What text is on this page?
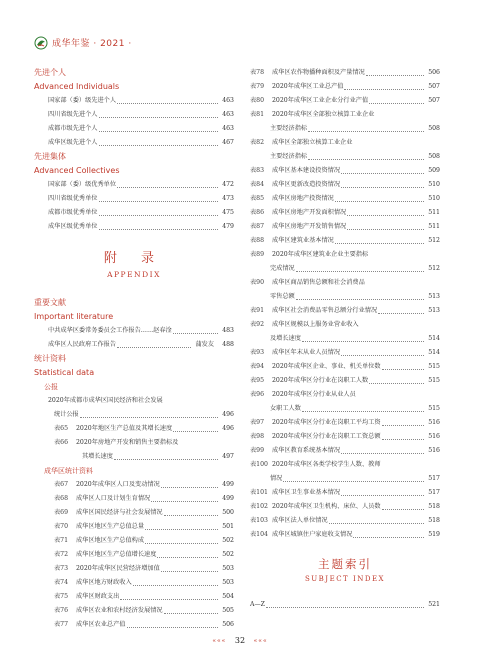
成华年鉴 · 2021 ·
先进个人
Advanced Individuals
国家部（委）级先进个人	463
四川省级先进个人	463
成都市级先进个人	463
成华区级先进个人	467
先进集体
Advanced Collectives
国家部（委）级优秀单位	472
四川省级优秀单位	473
成都市级优秀单位	475
成华区级优秀单位	479
附 录
APPENDIX
重要文献
Important literature
中共成华区委常务委员会工作报告……赵春淦	483
成华区人民政府工作报告	蒲发友 488
统计资料
Statistical data
公报
2020年成都市成华区国民经济和社会发展
统计公报	496
表65 2020年地区生产总值及其增长速度	496
表66 2020年房地产开发和销售主要指标及
其增长速度	497
成华区统计资料
表67 2020年成华区人口及变动情况	499
表68 成华区人口及计划生育情况	499
表69 成华区国民经济与社会发展情况	500
表70 成华区地区生产总值总量	501
表71 成华区地区生产总值构成	502
表72 成华区地区生产总值增长速度	502
表73 2020年成华区民营经济增加值	503
表74 成华区地方财政收入	503
表75 成华区财政支出	504
表76 成华区农业和农村经济发展情况	505
表77 成华区农业总产值	506
表78 成华区农作物播种面积及产量情况	506
表79 2020年成华区工业总产值	507
表80 2020年成华区工业企业分行业产值	507
表81 2020年成华区全部独立核算工业企业
主要经济指标	508
表82 成华区全部独立核算工业企业
主要经济指标	508
表83 成华区基本建设投资情况	509
表84 成华区更新改造投资情况	510
表85 成华区房地产投资情况	510
表86 成华区房地产开发面积情况	511
表87 成华区房地产开发销售情况	511
表88 成华区建筑业基本情况	512
表89 2020年成华区建筑业企业主要指标
完成情况	512
表90 成华区商品销售总额和社会消费品
零售总额	513
表91 成华区社会消费品零售总额分行业情况	513
表92 成华区规模以上服务业营业收入
及增长速度	514
表93 成华区年末从业人员情况	514
表94 2020年成华区企业、事业、机关单位数	515
表95 2020年成华区分行业在岗职工人数	515
表96 2020年成华区分行业从业人员
女职工人数	515
表97 2020年成华区分行业在岗职工平均工资	516
表98 2020年成华区分行业在岗职工工资总额	516
表99 成华区教育系统基本情况	516
表100 2020年成华区各类学校学生人数、教师
情况	517
表101 成华区卫生事业基本情况	517
表102 2020年成华区卫生机构、床位、人员数	518
表103 成华区法人单位情况	518
表104 成华区城镇住户家庭收支情况	519
主题索引
SUBJECT INDEX
A—Z	521
««« 32 «««
